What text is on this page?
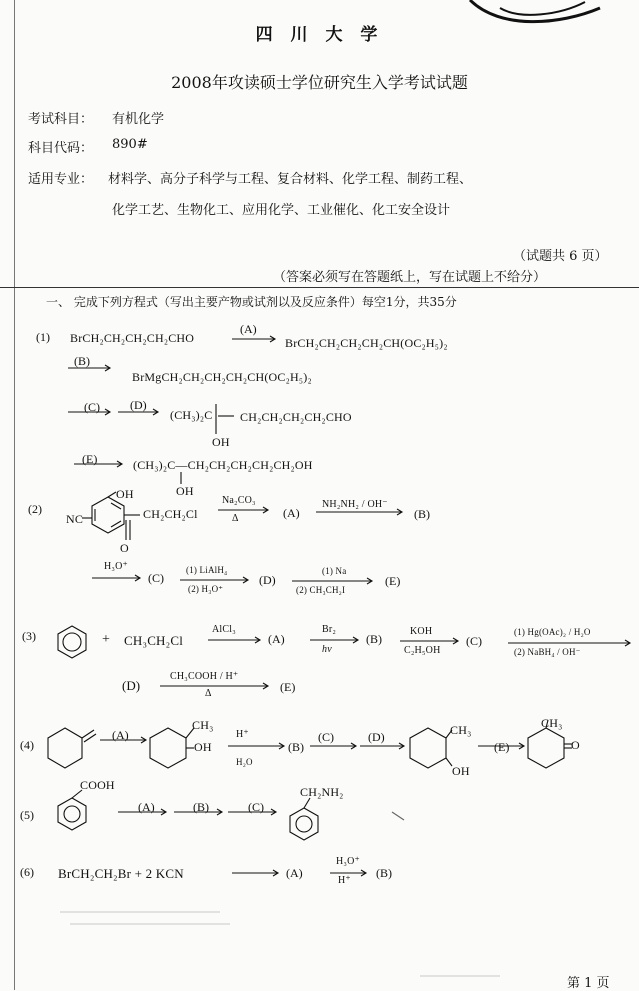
四 川 大 学
2008年攻读硕士学位研究生入学考试试题
考试科目： 有机化学
科目代码： 890#
适用专业： 材料学、高分子科学与工程、复合材料、化学工程、制药工程、
化学工艺、生物化工、应用化学、工业催化、化工安全设计
（试题共 6 页）
（答案必须写在答题纸上，写在试题上不给分）
一、 完成下列方程式（写出主要产物或试剂以及反应条件）每空1分，共35分
(1) BrCH₂CH₂CH₂CH₂CHO
(A)
BrCH₂CH₂CH₂CH₂CH(OC₂H₅)₂
(B)
BrMgCH₂CH₂CH₂CH₂CH(OC₂H₅)₂
(C)	(D)
(CH₃)₂C CH₂CH₂CH₂CH₂CHO
OH
(E)	(CH₃)₂C—CH₂CH₂CH₂CH₂CH₂OH
OH
(2)
OH
NC	CH₂CH₂Cl
O
Na₂CO₃
Δ	(A)
NH₂NH₂ / OH⁻
(B)
H₃O⁺
(C)
(1) LiAlH₄
(2) H₃O⁺
(D)
(1) Na
(2) CH₃CH₂I
(E)
(3)	+ CH₃CH₂Cl
AlCl₃
(A)
Br₂
hν
(B)
KOH
C₂H₅OH
(C)
(1) Hg(OAc)₂ / H₂O
(2) NaBH₄ / OH⁻
(D)
CH₃COOH / H⁺
Δ	(E)
(4)
(A)
CH₃
OH
H⁺
H₂O
(B)
(C)	(D)	CH₃
OH
(E)
CH₃
O
(5)
COOH
(A)	(B)	(C)
CH₂NH₂
(6) BrCH₂CH₂Br + 2 KCN	(A)
H₃O⁺
H⁺
(B)
第 1 页
